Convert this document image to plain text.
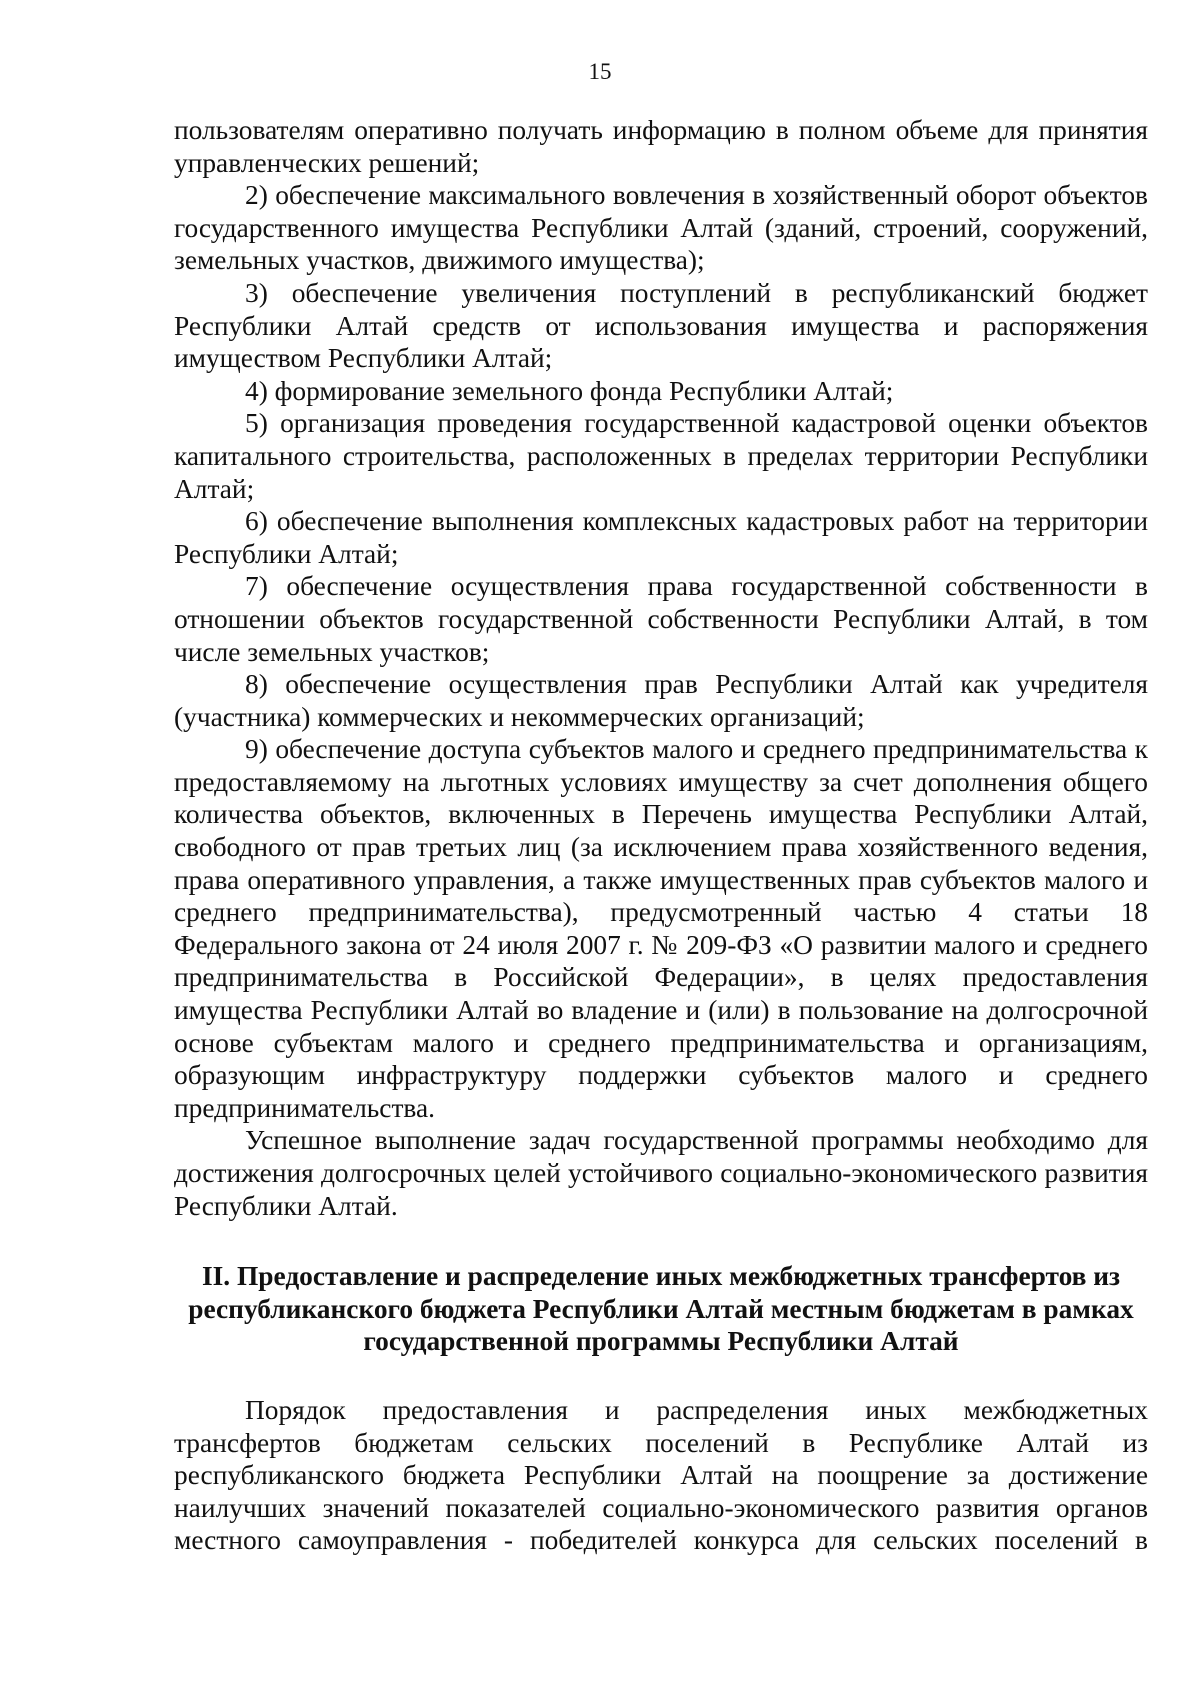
15

пользователям оперативно получать информацию в полном объеме для принятия управленческих решений;

2) обеспечение максимального вовлечения в хозяйственный оборот объектов государственного имущества Республики Алтай (зданий, строений, сооружений, земельных участков, движимого имущества);

3) обеспечение увеличения поступлений в республиканский бюджет Республики Алтай средств от использования имущества и распоряжения имуществом Республики Алтай;

4) формирование земельного фонда Республики Алтай;

5) организация проведения государственной кадастровой оценки объектов капитального строительства, расположенных в пределах территории Республики Алтай;

6) обеспечение выполнения комплексных кадастровых работ на территории Республики Алтай;

7) обеспечение осуществления права государственной собственности в отношении объектов государственной собственности Республики Алтай, в том числе земельных участков;

8) обеспечение осуществления прав Республики Алтай как учредителя (участника) коммерческих и некоммерческих организаций;

9) обеспечение доступа субъектов малого и среднего предпринимательства к предоставляемому на льготных условиях имуществу за счет дополнения общего количества объектов, включенных в Перечень имущества Республики Алтай, свободного от прав третьих лиц (за исключением права хозяйственного ведения, права оперативного управления, а также имущественных прав субъектов малого и среднего предпринимательства), предусмотренный частью 4 статьи 18 Федерального закона от 24 июля 2007 г. № 209-ФЗ «О развитии малого и среднего предпринимательства в Российской Федерации», в целях предоставления имущества Республики Алтай во владение и (или) в пользование на долгосрочной основе субъектам малого и среднего предпринимательства и организациям, образующим инфраструктуру поддержки субъектов малого и среднего предпринимательства.

Успешное выполнение задач государственной программы необходимо для достижения долгосрочных целей устойчивого социально-экономического развития Республики Алтай.

II. Предоставление и распределение иных межбюджетных трансфертов из республиканского бюджета Республики Алтай местным бюджетам в рамках государственной программы Республики Алтай

Порядок предоставления и распределения иных межбюджетных трансфертов бюджетам сельских поселений в Республике Алтай из республиканского бюджета Республики Алтай на поощрение за достижение наилучших значений показателей социально-экономического развития органов местного самоуправления - победителей конкурса для сельских поселений в
